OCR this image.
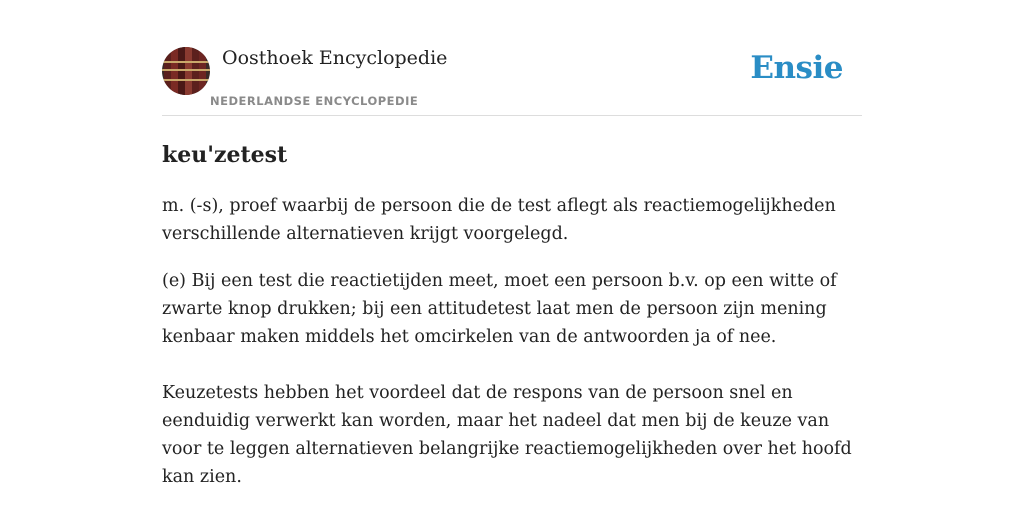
Oosthoek Encyclopedie
NEDERLANDSE ENCYCLOPEDIE
Ensie
keu'zetest

m. (-s), proef waarbij de persoon die de test aflegt als reactiemogelijkheden verschillende alternatieven krijgt voorgelegd.

(e) Bij een test die reactietijden meet, moet een persoon b.v. op een witte of zwarte knop drukken; bij een attitudetest laat men de persoon zijn mening kenbaar maken middels het omcirkelen van de antwoorden ja of nee.

Keuzetests hebben het voordeel dat de respons van de persoon snel en eenduidig verwerkt kan worden, maar het nadeel dat men bij de keuze van voor te leggen alternatieven belangrijke reactiemogelijkheden over het hoofd kan zien.
